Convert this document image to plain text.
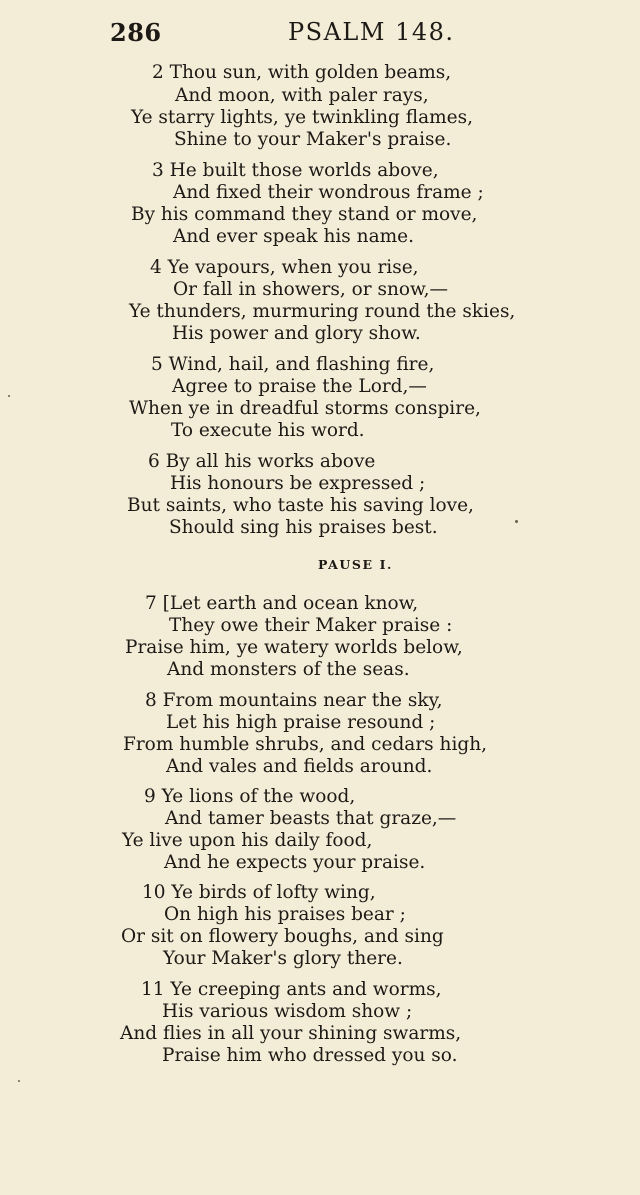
286	PSALM 148.
2 Thou sun, with golden beams,
And moon, with paler rays,
Ye starry lights, ye twinkling flames,
Shine to your Maker's praise.
3 He built those worlds above,
And fixed their wondrous frame ;
By his command they stand or move,
And ever speak his name.
4 Ye vapours, when you rise,
Or fall in showers, or snow,—
Ye thunders, murmuring round the skies,
His power and glory show.
5 Wind, hail, and flashing fire,
Agree to praise the Lord,—
When ye in dreadful storms conspire,
To execute his word.
6 By all his works above
His honours be expressed ;
But saints, who taste his saving love,
Should sing his praises best.
PAUSE I.
7 [Let earth and ocean know,
They owe their Maker praise :
Praise him, ye watery worlds below,
And monsters of the seas.
8 From mountains near the sky,
Let his high praise resound ;
From humble shrubs, and cedars high,
And vales and fields around.
9 Ye lions of the wood,
And tamer beasts that graze,—
Ye live upon his daily food,
And he expects your praise.
10 Ye birds of lofty wing,
On high his praises bear ;
Or sit on flowery boughs, and sing
Your Maker's glory there.
11 Ye creeping ants and worms,
His various wisdom show ;
And flies in all your shining swarms,
Praise him who dressed you so.
